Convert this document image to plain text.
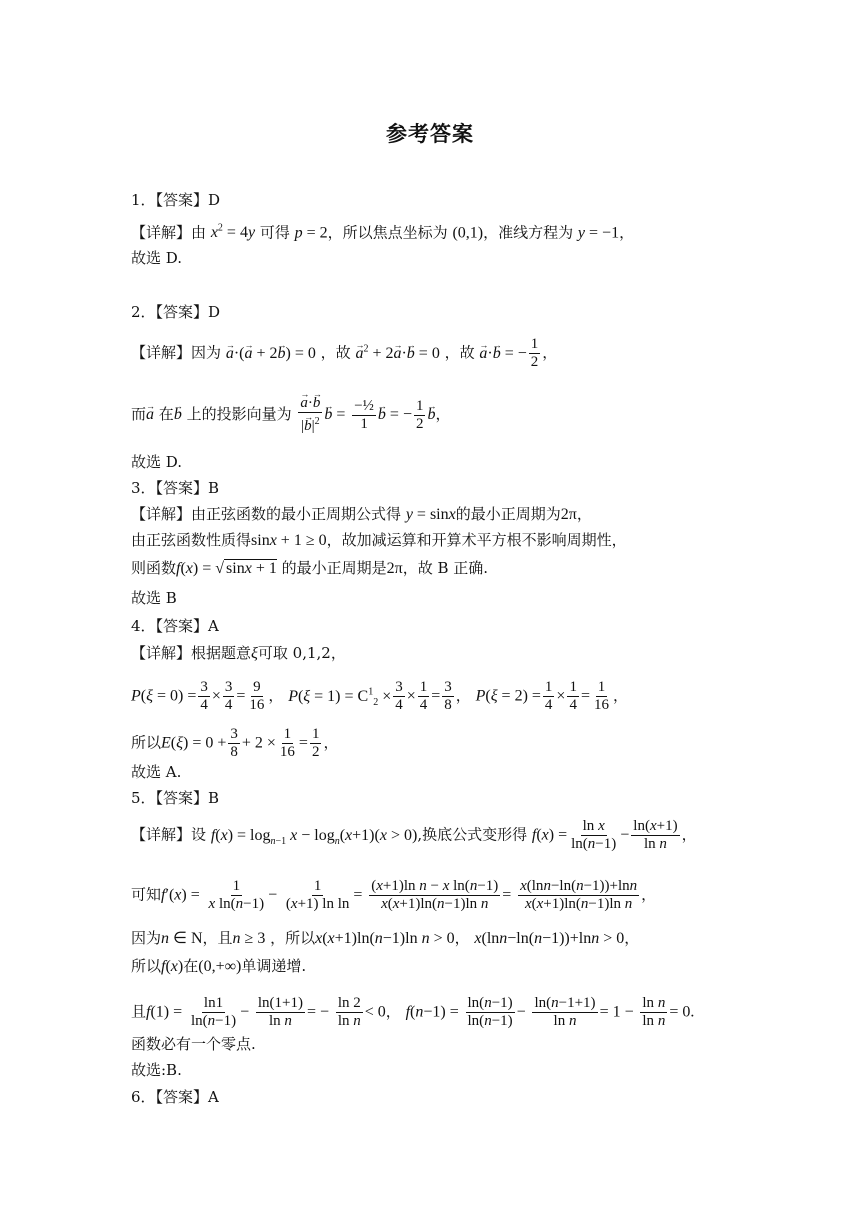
参考答案
1．【答案】D
【详解】由 $x^2 = 4y$ 可得 p = 2，所以焦点坐标为 (0,1)，准线方程为 y = −1，
故选 D.
2．【答案】D
【详解】因为 → a·(→ a + 2→ b) = 0 ，故 → $a^2 + 2\to a\cdot\to b = 0$ ，故 → a·→ b = − $\frac{1}{2}$ ，
而→ a 在→ b 上的投影向量为
→ $\frac{a\cdot\to b}{|\to b|^2}$
→ $b = \frac{\text{−½}}{1}$
→ b = − $\frac{1}{2}$
→ b，
故选 D.
3．【答案】B
【详解】由正弦函数的最小正周期公式得 y = sinx的最小正周期为2π，
由正弦函数性质得sinx + 1 ≥ 0，故加减运算和开算术平方根不影响周期性，
则函数f(x) = √ sinx + 1 的最小正周期是2π，故 B 正确.
故选 B
4．【答案】A
【详解】根据题意ξ可取 0,1,2，
$P(\xi = 0) = \frac{3}{4} \times \frac{3}{4} = \frac{9}{16}$ ， $P(\xi = 1) = C^1_2 \times \frac{3}{4} \times \frac{1}{4} = \frac{3}{8}$ ， $P(\xi = 2) = \frac{1}{4} \times \frac{1}{4} = \frac{1}{16}$ ，
所以$E(\xi) = 0 + \frac{3}{8} + 2 \times \frac{1}{16} = \frac{1}{2}$ ，
故选 A.
5．【答案】B
【详解】设 $f(x) = \log_{n-1} x - \log_n(x+1)(x > 0)$,换底公式变形得 $f(x) = \frac{\text{ln x}}{\ln(n-1)} - \frac{\ln(x+1)}{\text{ln n}}$ ，
可知$f'(x) = \frac{1}{\text{x ln(n−1)}} - \frac{1}{\text{(x+1) ln ln}} = \frac{\text{(x+1)ln n − x ln(n−1)}}{\text{x(x+1)ln(n−1)ln n}} = \frac{x(\ln n-\ln(n-1))+\ln n}{\text{x(x+1)ln(n−1)ln n}}$ ，
因为n ∈ N，且n ≥ 3 ，所以x(x+1)ln(n−1)ln n > 0， x(lnn−ln(n−1))+lnn > 0，
所以f(x)在(0,+∞)单调递增.
且$f(1) = \frac{\ln 1}{\ln(n-1)} - \frac{\ln(1+1)}{\text{ln n}}$ = − $\frac{\ln 2}{\text{ln n}} < 0$， $f(n-1) = \frac{\ln(n-1)}{\ln(n-1)} - \frac{\ln(n-1+1)}{\text{ln n}} = 1 - \frac{\text{ln n}}{\text{ln n}} = 0$.
函数必有一个零点.
故选:B.
6．【答案】A
